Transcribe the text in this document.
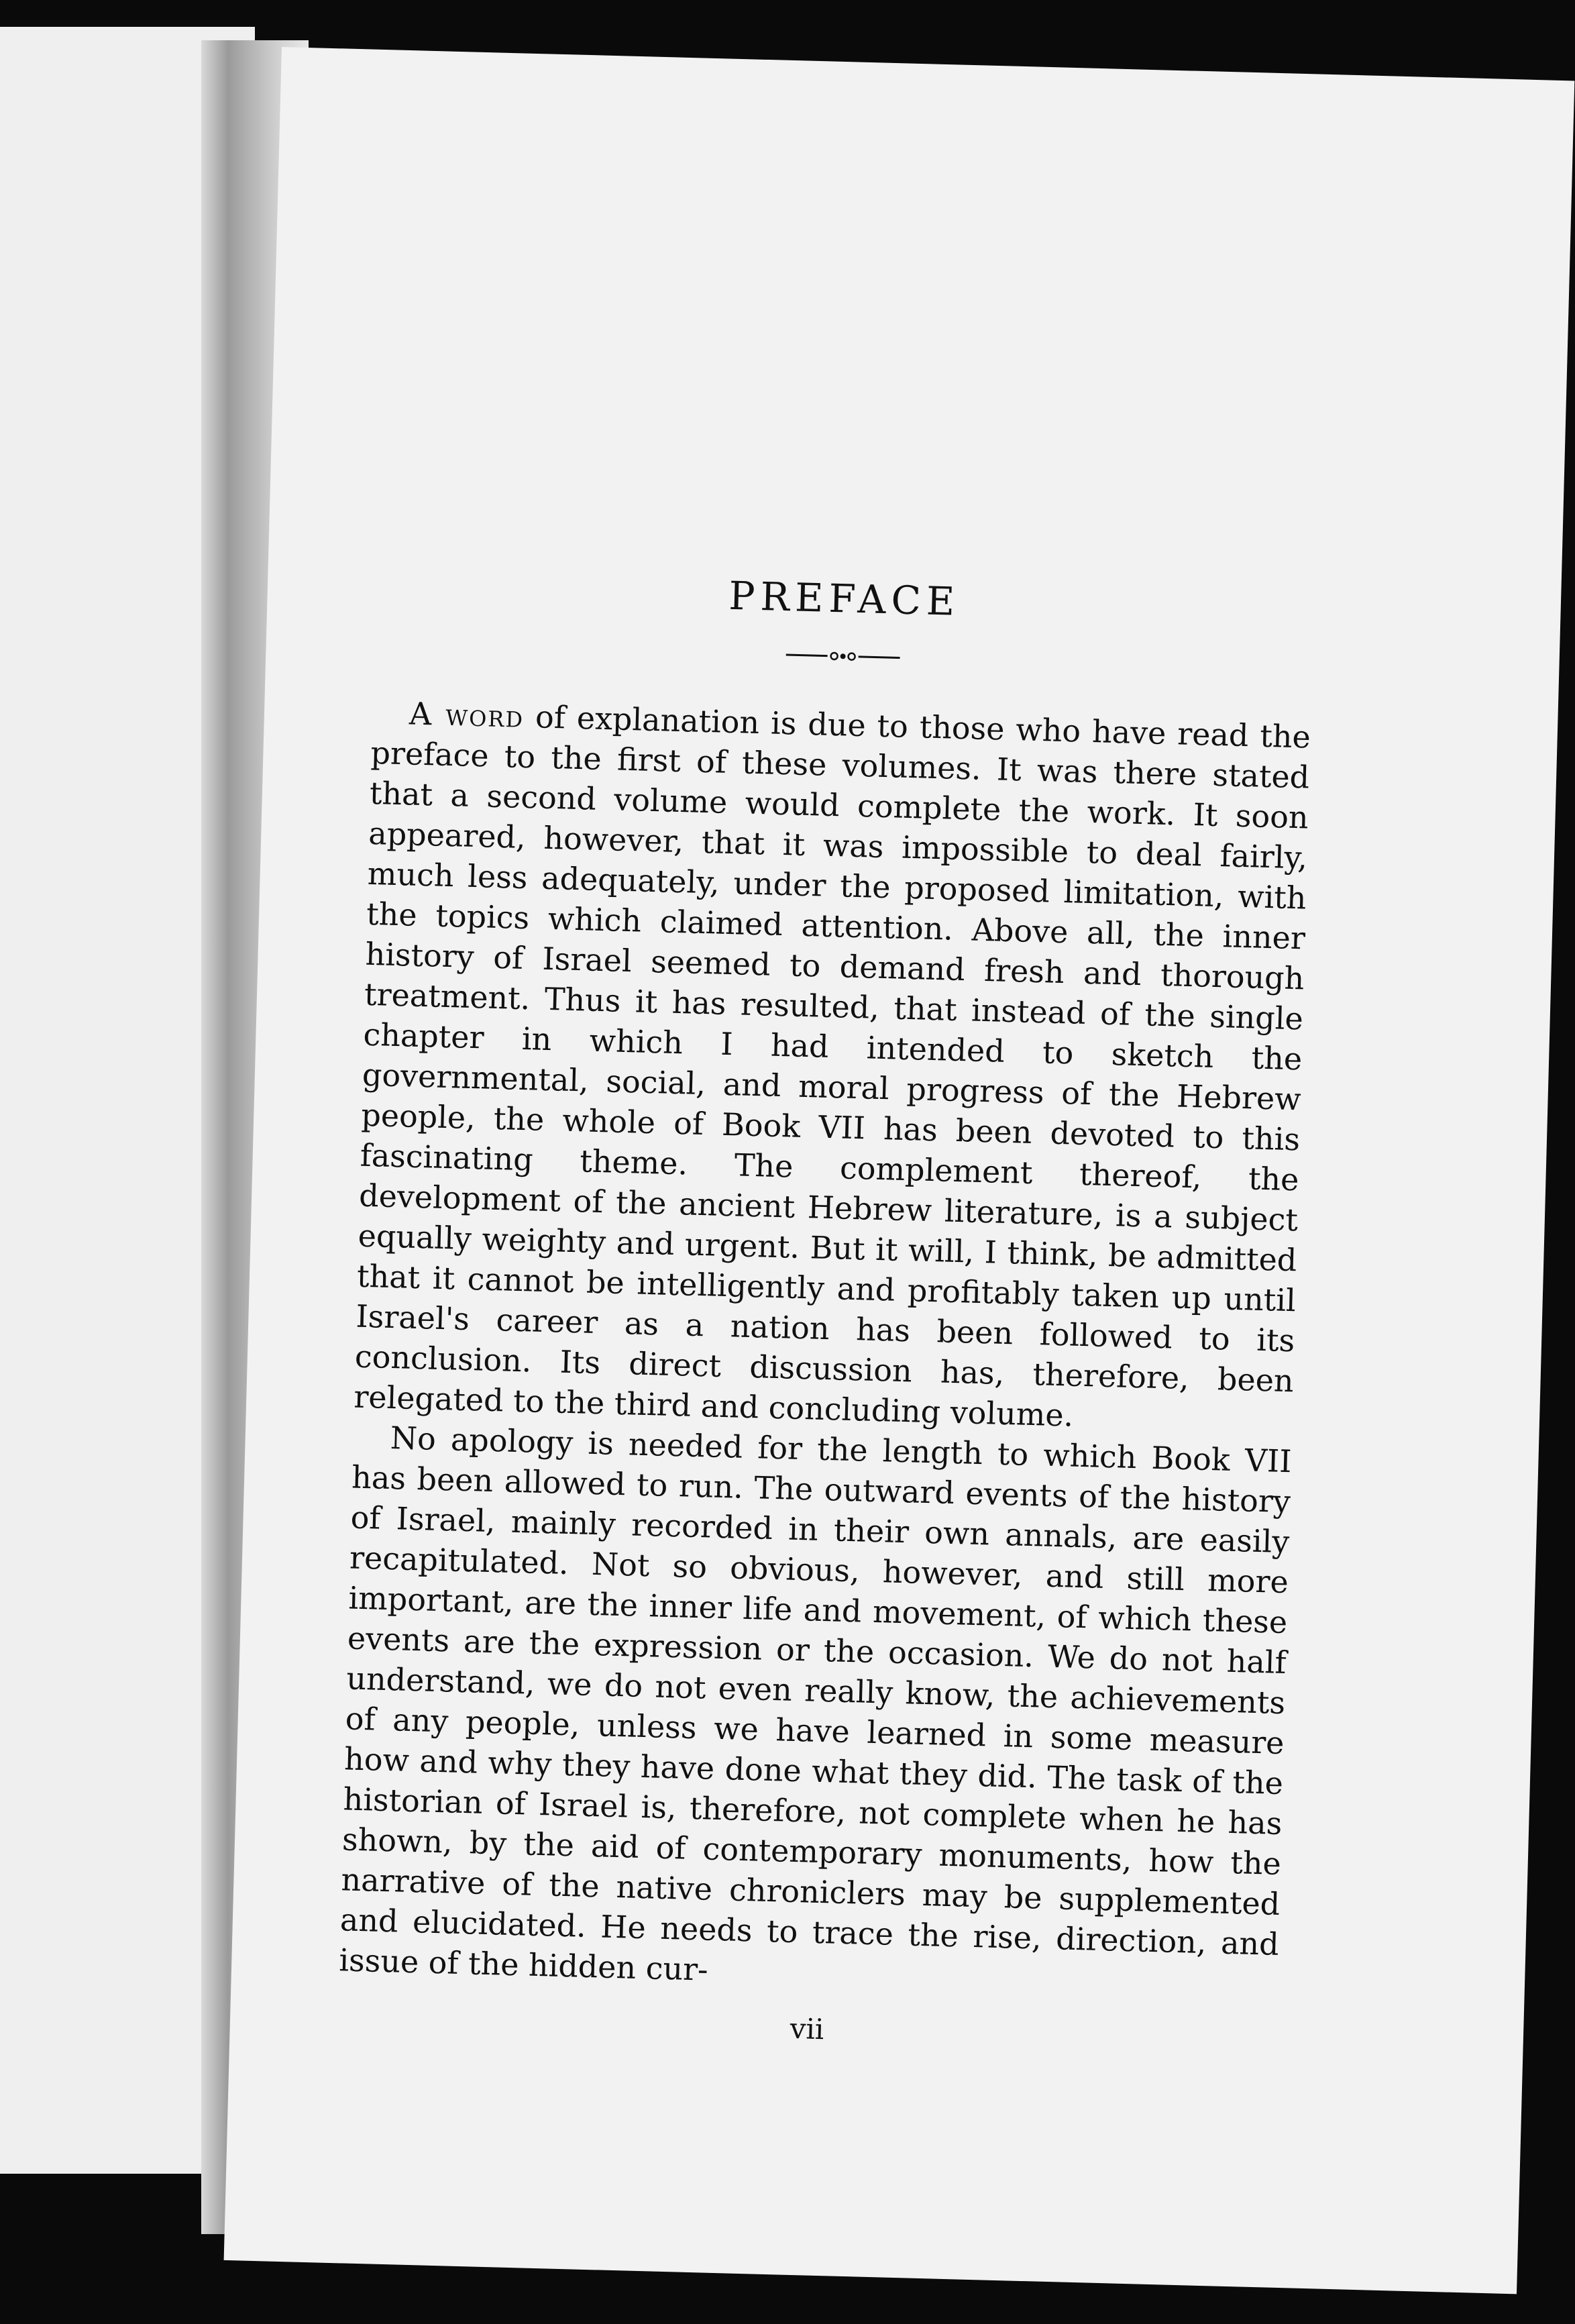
PREFACE

A word of explanation is due to those who have read the preface to the first of these volumes. It was there stated that a second volume would complete the work. It soon appeared, however, that it was impossible to deal fairly, much less adequately, under the proposed limitation, with the topics which claimed attention. Above all, the inner history of Israel seemed to demand fresh and thorough treatment. Thus it has resulted, that instead of the single chapter in which I had intended to sketch the governmental, social, and moral progress of the Hebrew people, the whole of Book VII has been devoted to this fascinating theme. The complement thereof, the development of the ancient Hebrew literature, is a subject equally weighty and urgent. But it will, I think, be admitted that it cannot be intelligently and profitably taken up until Israel's career as a nation has been followed to its conclusion. Its direct discussion has, therefore, been relegated to the third and concluding volume.

No apology is needed for the length to which Book VII has been allowed to run. The outward events of the history of Israel, mainly recorded in their own annals, are easily recapitulated. Not so obvious, however, and still more important, are the inner life and movement, of which these events are the expression or the occasion. We do not half understand, we do not even really know, the achievements of any people, unless we have learned in some measure how and why they have done what they did. The task of the historian of Israel is, therefore, not complete when he has shown, by the aid of contemporary monuments, how the narrative of the native chroniclers may be supplemented and elucidated. He needs to trace the rise, direction, and issue of the hidden cur-

vii
